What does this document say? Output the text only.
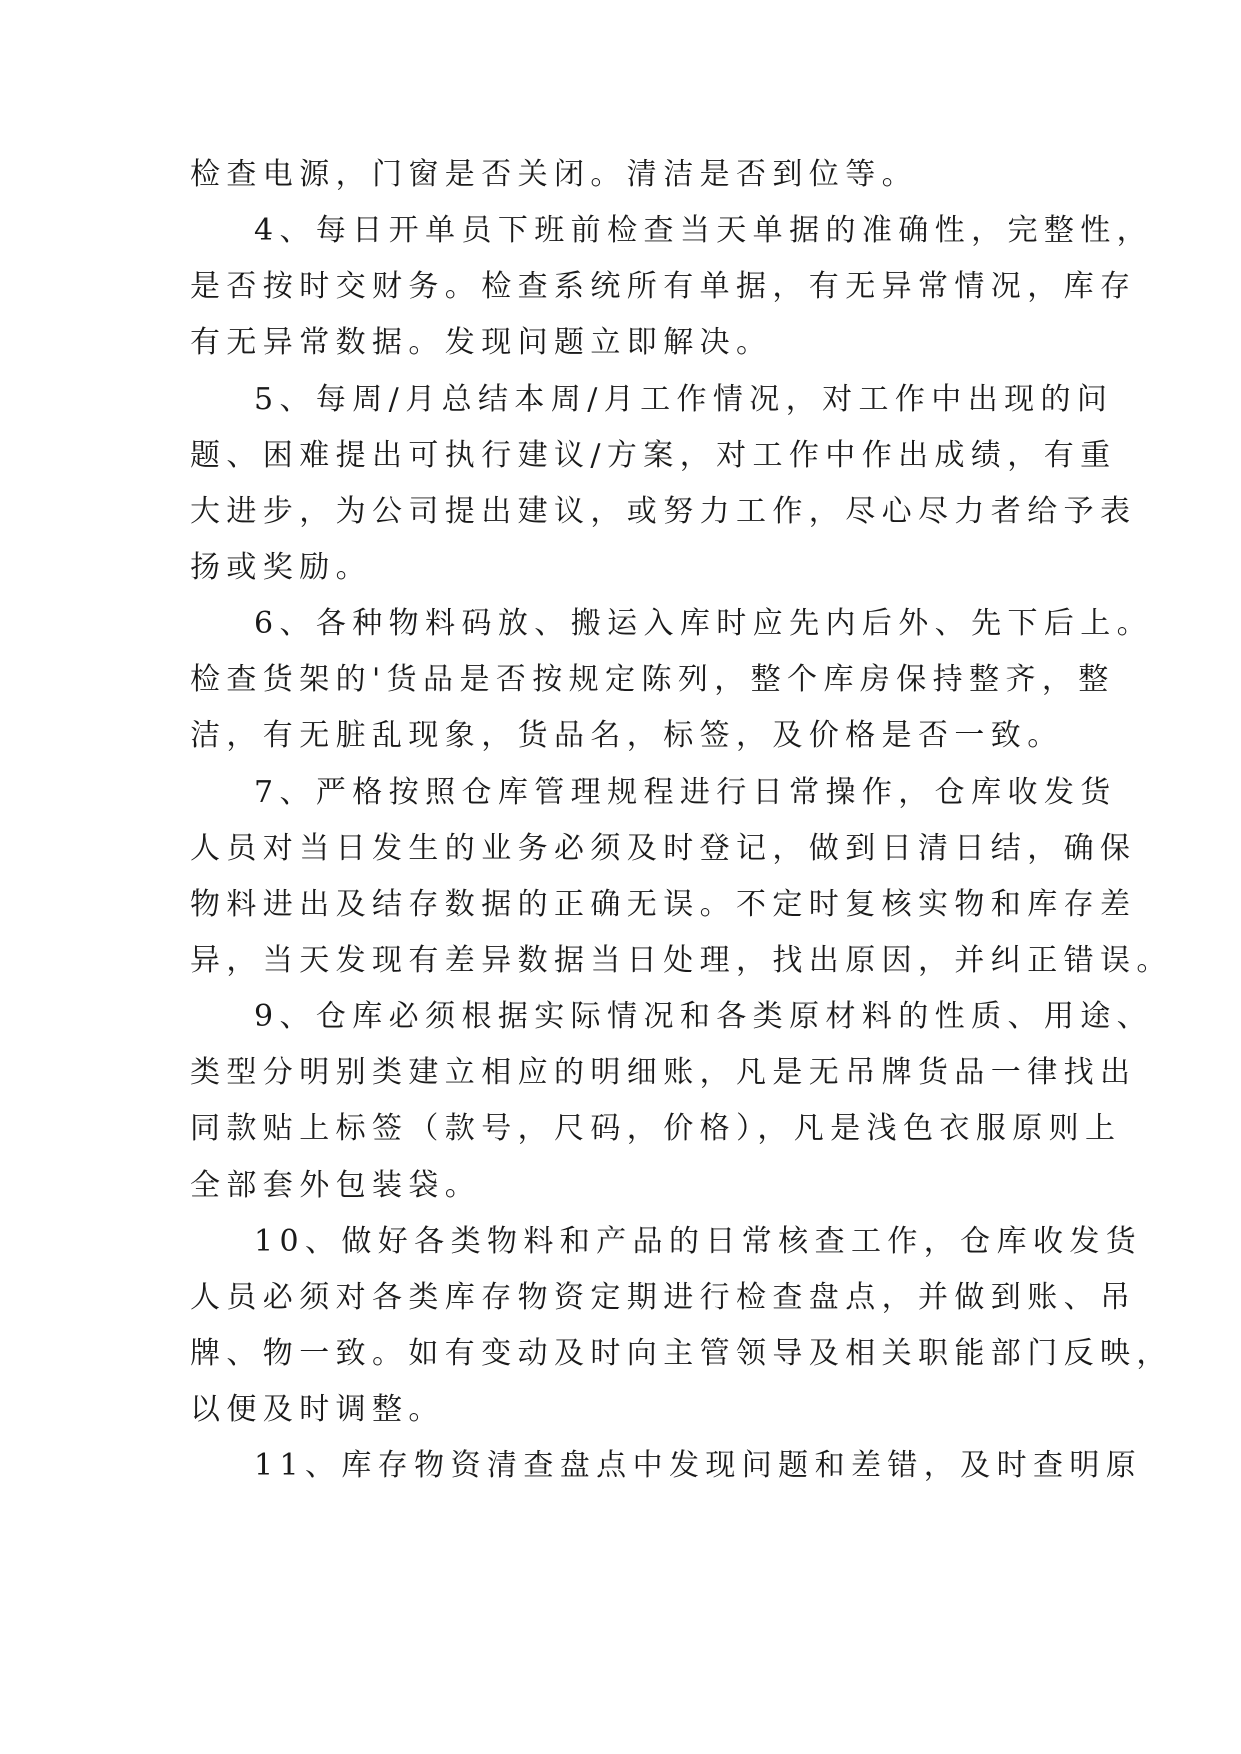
检查电源，门窗是否关闭。清洁是否到位等。
4、每日开单员下班前检查当天单据的准确性，完整性，
是否按时交财务。检查系统所有单据，有无异常情况，库存
有无异常数据。发现问题立即解决。
5、每周/月总结本周/月工作情况，对工作中出现的问
题、困难提出可执行建议/方案，对工作中作出成绩，有重
大进步，为公司提出建议，或努力工作，尽心尽力者给予表
扬或奖励。
6、各种物料码放、搬运入库时应先内后外、先下后上。
检查货架的'货品是否按规定陈列，整个库房保持整齐，整
洁，有无脏乱现象，货品名，标签，及价格是否一致。
7、严格按照仓库管理规程进行日常操作，仓库收发货
人员对当日发生的业务必须及时登记，做到日清日结，确保
物料进出及结存数据的正确无误。不定时复核实物和库存差
异，当天发现有差异数据当日处理，找出原因，并纠正错误。
9、仓库必须根据实际情况和各类原材料的性质、用途、
类型分明别类建立相应的明细账，凡是无吊牌货品一律找出
同款贴上标签（款号，尺码，价格），凡是浅色衣服原则上
全部套外包装袋。
10、做好各类物料和产品的日常核查工作，仓库收发货
人员必须对各类库存物资定期进行检查盘点，并做到账、吊
牌、物一致。如有变动及时向主管领导及相关职能部门反映，
以便及时调整。
11、库存物资清查盘点中发现问题和差错，及时查明原
